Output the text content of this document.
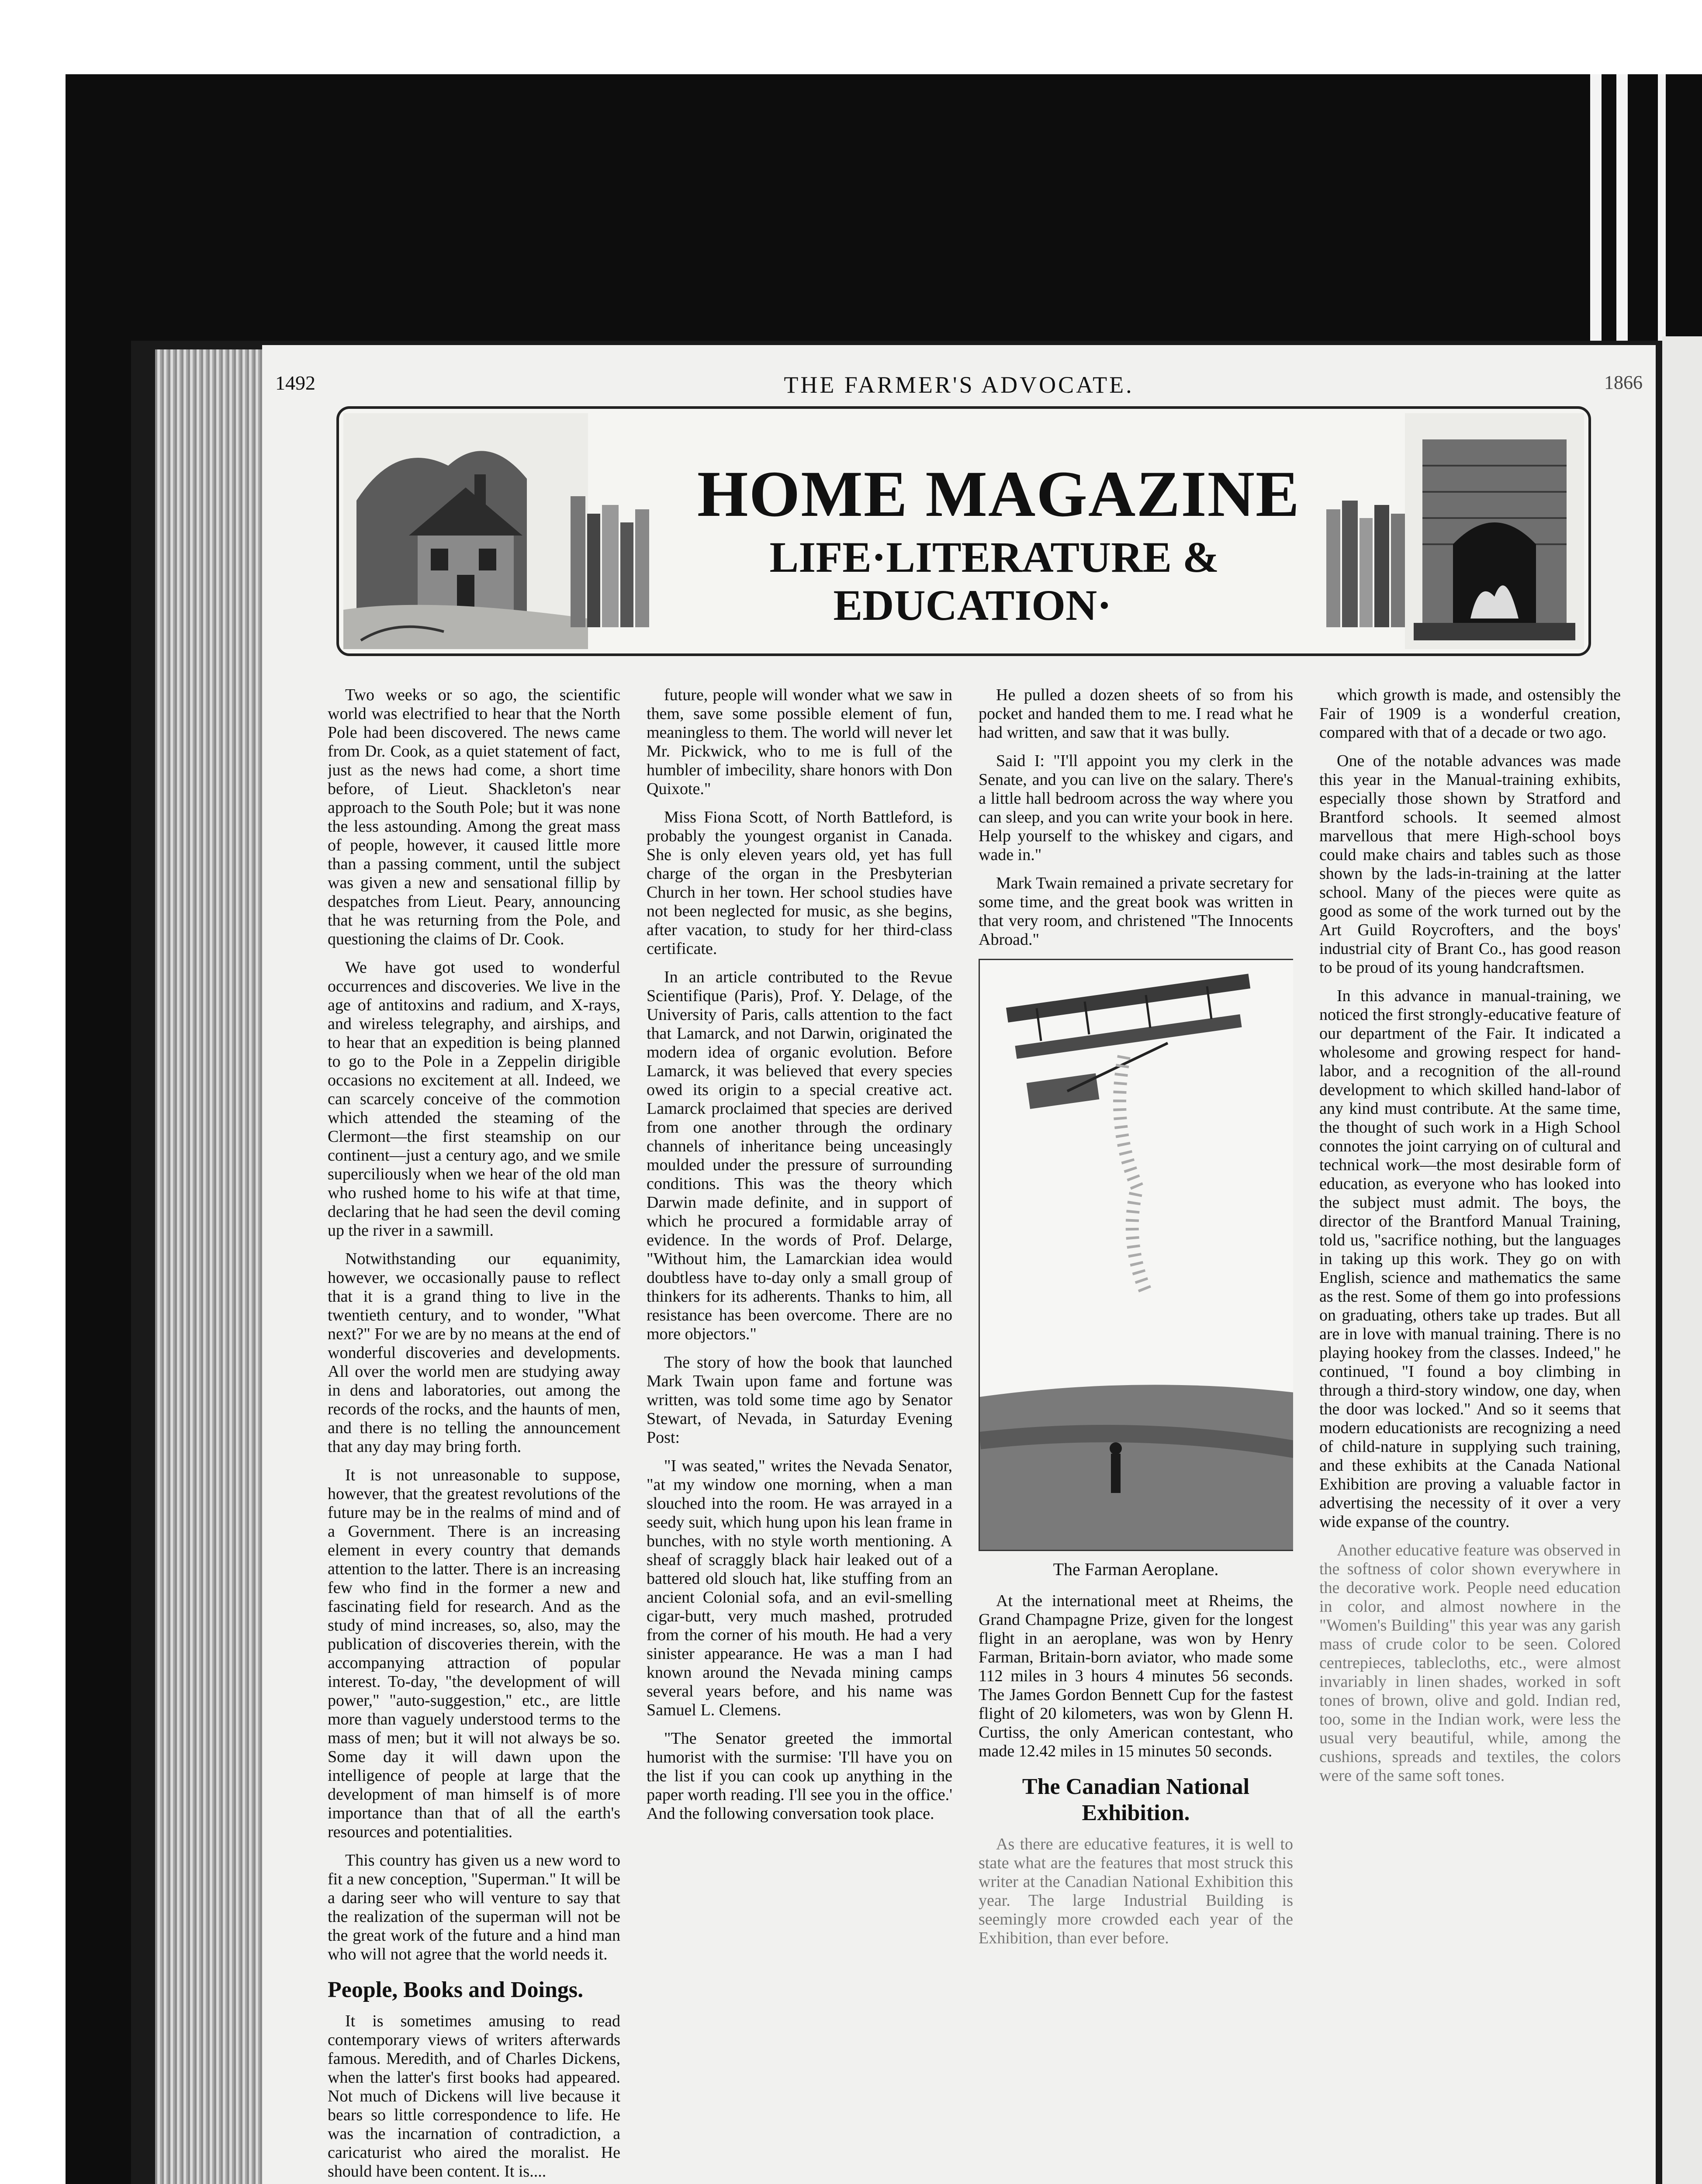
1492	THE FARMER'S ADVOCATE.	1866
HOME MAGAZINE
LIFE·LITERATURE &
EDUCATION·

Two weeks or so ago, the scientific world was electrified to hear that the North Pole had been discovered. The news came from Dr. Cook, as a quiet statement of fact, just as the news had come, a short time before, of Lieut. Shackleton's near approach to the South Pole; but it was none the less astounding. Among the great mass of people, however, it caused little more than a passing comment, until the subject was given a new and sensational fillip by despatches from Lieut. Peary, announcing that he was returning from the Pole, and questioning the claims of Dr. Cook.

We have got used to wonderful occurrences and discoveries. We live in the age of antitoxins and radium, and X-rays, and wireless telegraphy, and airships, and to hear that an expedition is being planned to go to the Pole in a Zeppelin dirigible occasions no excitement at all. Indeed, we can scarcely conceive of the commotion which attended the steaming of the Clermont—the first steamship on our continent—just a century ago, and we smile superciliously when we hear of the old man who rushed home to his wife at that time, declaring that he had seen the devil coming up the river in a sawmill.

Notwithstanding our equanimity, however, we occasionally pause to reflect that it is a grand thing to live in the twentieth century, and to wonder, "What next?" For we are by no means at the end of wonderful discoveries and developments. All over the world men are studying away in dens and laboratories, out among the records of the rocks, and the haunts of men, and there is no telling the announcement that any day may bring forth.

It is not unreasonable to suppose, however, that the greatest revolutions of the future may be in the realms of mind and of a Government. There is an increasing element in every country that demands attention to the latter. There is an increasing few who find in the former a new and fascinating field for research. And as the study of mind increases, so, also, may the publication of discoveries therein, with the accompanying attraction of popular interest. To-day, "the development of will power," "auto-suggestion," etc., are little more than vaguely understood terms to the mass of men; but it will not always be so. Some day it will dawn upon the intelligence of people at large that the development of man himself is of more importance than that of all the earth's resources and potentialities.

This country has given us a new word to fit a new conception, "Superman." It will be a daring seer who will venture to say that the realization of the superman will not be the great work of the future and a hind man who will not agree that the world needs it.

People, Books and Doings.

It is sometimes amusing to read contemporary views of writers afterwards famous. Meredith, and of Charles Dickens, when the latter's first books had appeared. Not much of Dickens will live because it bears so little correspondence to life. He was the incarnation of contradiction, a caricaturist who aired the moralist. He should have been content. It is....

future, people will wonder what we saw in them, save some possible element of fun, meaningless to them. The world will never let Mr. Pickwick, who to me is full of the humbler of imbecility, share honors with Don Quixote."

Miss Fiona Scott, of North Battleford, is probably the youngest organist in Canada. She is only eleven years old, yet has full charge of the organ in the Presbyterian Church in her town. Her school studies have not been neglected for music, as she begins, after vacation, to study for her third-class certificate.

In an article contributed to the Revue Scientifique (Paris), Prof. Y. Delage, of the University of Paris, calls attention to the fact that Lamarck, and not Darwin, originated the modern idea of organic evolution. Before Lamarck, it was believed that every species owed its origin to a special creative act. Lamarck proclaimed that species are derived from one another through the ordinary channels of inheritance being unceasingly moulded under the pressure of surrounding conditions. This was the theory which Darwin made definite, and in support of which he procured a formidable array of evidence. In the words of Prof. Delarge, "Without him, the Lamarckian idea would doubtless have to-day only a small group of thinkers for its adherents. Thanks to him, all resistance has been overcome. There are no more objectors."

The story of how the book that launched Mark Twain upon fame and fortune was written, was told some time ago by Senator Stewart, of Nevada, in Saturday Evening Post:

"I was seated," writes the Nevada Senator, "at my window one morning, when a man slouched into the room. He was arrayed in a seedy suit, which hung upon his lean frame in bunches, with no style worth mentioning. A sheaf of scraggly black hair leaked out of a battered old slouch hat, like stuffing from an ancient Colonial sofa, and an evil-smelling cigar-butt, very much mashed, protruded from the corner of his mouth. He had a very sinister appearance. He was a man I had known around the Nevada mining camps several years before, and his name was Samuel L. Clemens.

"The Senator greeted the immortal humorist with the surmise: 'I'll have you on the list if you can cook up anything in the paper worth reading. I'll see you in the office.' And the following conversation took place.

He pulled a dozen sheets of so from his pocket and handed them to me. I read what he had written, and saw that it was bully.

Said I: "I'll appoint you my clerk in the Senate, and you can live on the salary. There's a little hall bedroom across the way where you can sleep, and you can write your book in here. Help yourself to the whiskey and cigars, and wade in."

Mark Twain remained a private secretary for some time, and the great book was written in that very room, and christened "The Innocents Abroad."

The Farman Aeroplane.

At the international meet at Rheims, the Grand Champagne Prize, given for the longest flight in an aeroplane, was won by Henry Farman, Britain-born aviator, who made some 112 miles in 3 hours 4 minutes 56 seconds. The James Gordon Bennett Cup for the fastest flight of 20 kilometers, was won by Glenn H. Curtiss, the only American contestant, who made 12.42 miles in 15 minutes 50 seconds.

The Canadian National Exhibition.

As there are educative features, it is well to state what are the features that most struck this writer at the Canadian National Exhibition this year. The large Industrial Building is seemingly more crowded each year of the Exhibition, than ever before.

which growth is made, and ostensibly the Fair of 1909 is a wonderful creation, compared with that of a decade or two ago.

One of the notable advances was made this year in the Manual-training exhibits, especially those shown by Stratford and Brantford schools. It seemed almost marvellous that mere High-school boys could make chairs and tables such as those shown by the lads-in-training at the latter school. Many of the pieces were quite as good as some of the work turned out by the Art Guild Roycrofters, and the boys' industrial city of Brant Co., has good reason to be proud of its young handcraftsmen.

In this advance in manual-training, we noticed the first strongly-educative feature of our department of the Fair. It indicated a wholesome and growing respect for hand-labor, and a recognition of the all-round development to which skilled hand-labor of any kind must contribute. At the same time, the thought of such work in a High School connotes the joint carrying on of cultural and technical work—the most desirable form of education, as everyone who has looked into the subject must admit. The boys, the director of the Brantford Manual Training, told us, "sacrifice nothing, but the languages in taking up this work. They go on with English, science and mathematics the same as the rest. Some of them go into professions on graduating, others take up trades. But all are in love with manual training. There is no playing hookey from the classes. Indeed," he continued, "I found a boy climbing in through a third-story window, one day, when the door was locked." And so it seems that modern educationists are recognizing a need of child-nature in supplying such training, and these exhibits at the Canada National Exhibition are proving a valuable factor in advertising the necessity of it over a very wide expanse of the country.

Another educative feature was observed in the softness of color shown everywhere in the decorative work. People need education in color, and almost nowhere in the "Women's Building" this year was any garish mass of crude color to be seen. Colored centrepieces, tablecloths, etc., were almost invariably in linen shades, worked in soft tones of brown, olive and gold. Indian red, too, some in the Indian work, were less the usual very beautiful, while, among the cushions, spreads and textiles, the colors were of the same soft tones.
